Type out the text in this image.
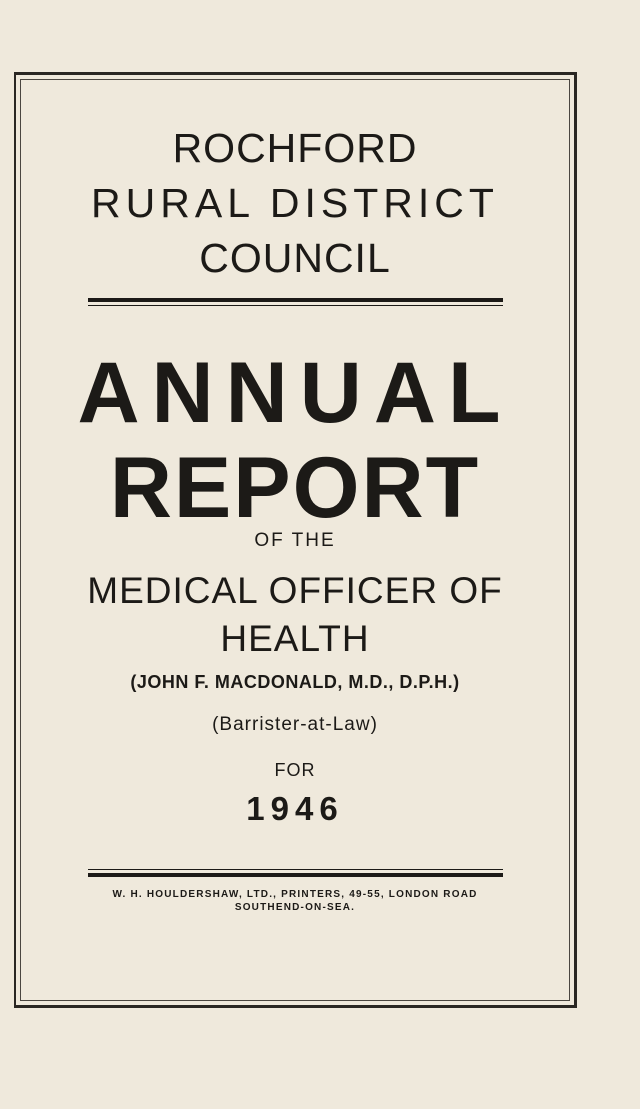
ROCHFORD
RURAL DISTRICT
COUNCIL
ANNUAL
REPORT
OF THE
MEDICAL OFFICER OF
HEALTH
(JOHN F. MACDONALD, M.D., D.P.H.)
(Barrister-at-Law)
FOR
1946
W. H. HOULDERSHAW, LTD., PRINTERS, 49-55, LONDON ROAD
SOUTHEND-ON-SEA.
